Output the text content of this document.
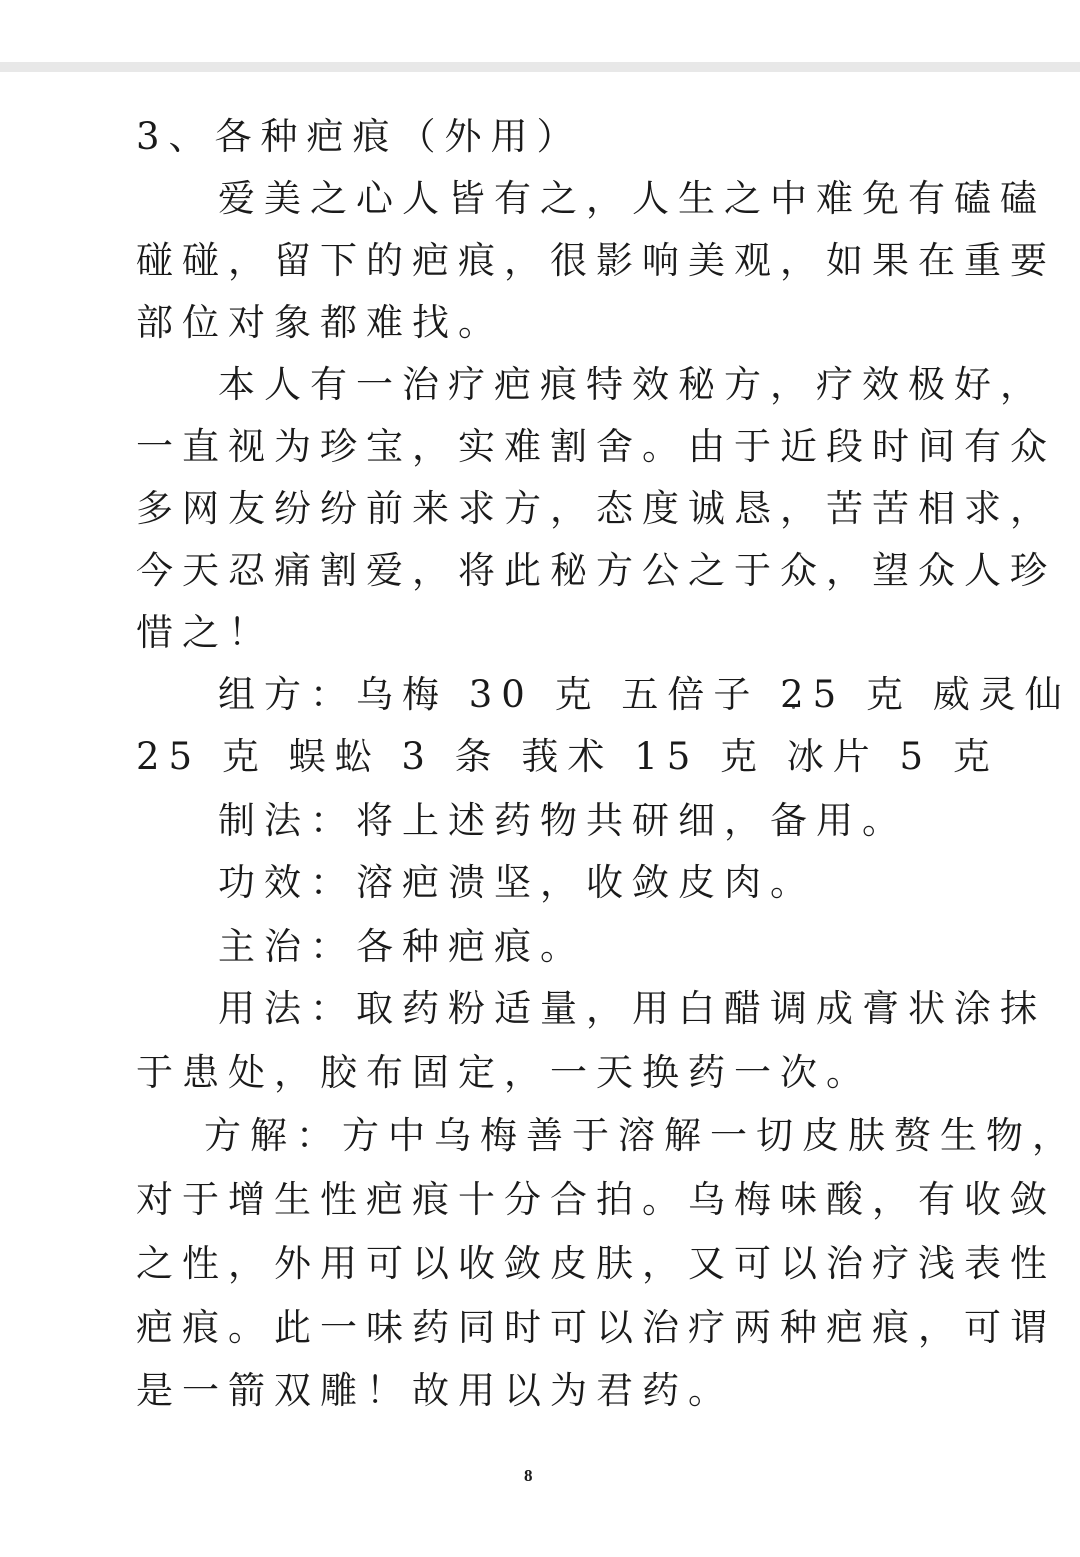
3、各种疤痕（外用）
爱美之心人皆有之，人生之中难免有磕磕
碰碰，留下的疤痕，很影响美观，如果在重要
部位对象都难找。
本人有一治疗疤痕特效秘方，疗效极好，
一直视为珍宝，实难割舍。由于近段时间有众
多网友纷纷前来求方，态度诚恳，苦苦相求，
今天忍痛割爱，将此秘方公之于众，望众人珍
惜之！
组方：乌梅 30 克 五倍子 25 克 威灵仙
25 克 蜈蚣 3 条 莪术 15 克 冰片 5 克
制法：将上述药物共研细，备用。
功效：溶疤溃坚，收敛皮肉。
主治：各种疤痕。
用法：取药粉适量，用白醋调成膏状涂抹
于患处，胶布固定，一天换药一次。
方解：方中乌梅善于溶解一切皮肤赘生物，
对于增生性疤痕十分合拍。乌梅味酸，有收敛
之性，外用可以收敛皮肤，又可以治疗浅表性
疤痕。此一味药同时可以治疗两种疤痕，可谓
是一箭双雕！故用以为君药。
8
